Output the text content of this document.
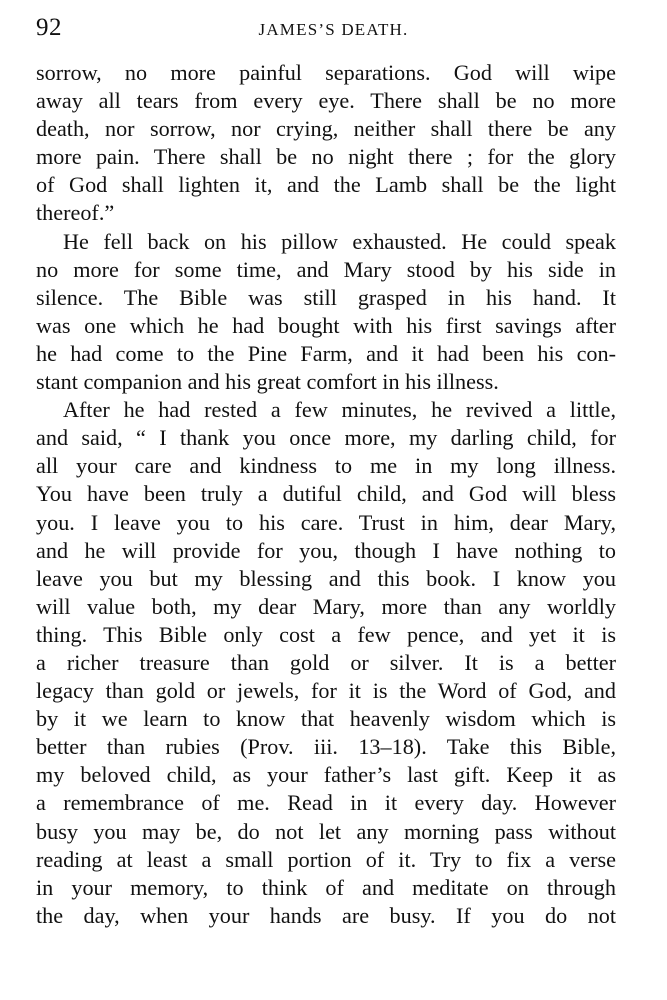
92	JAMES’S DEATH.
sorrow, no more painful separations. God will wipe
away all tears from every eye. There shall be no more
death, nor sorrow, nor crying, neither shall there be any
more pain. There shall be no night there ; for the glory
of God shall lighten it, and the Lamb shall be the light
thereof.”
He fell back on his pillow exhausted. He could speak
no more for some time, and Mary stood by his side in
silence. The Bible was still grasped in his hand. It
was one which he had bought with his first savings after
he had come to the Pine Farm, and it had been his con-
stant companion and his great comfort in his illness.
After he had rested a few minutes, he revived a little,
and said, “ I thank you once more, my darling child, for
all your care and kindness to me in my long illness.
You have been truly a dutiful child, and God will bless
you. I leave you to his care. Trust in him, dear Mary,
and he will provide for you, though I have nothing to
leave you but my blessing and this book. I know you
will value both, my dear Mary, more than any worldly
thing. This Bible only cost a few pence, and yet it is
a richer treasure than gold or silver. It is a better
legacy than gold or jewels, for it is the Word of God, and
by it we learn to know that heavenly wisdom which is
better than rubies (Prov. iii. 13–18). Take this Bible,
my beloved child, as your father’s last gift. Keep it as
a remembrance of me. Read in it every day. However
busy you may be, do not let any morning pass without
reading at least a small portion of it. Try to fix a verse
in your memory, to think of and meditate on through
the day, when your hands are busy. If you do not
